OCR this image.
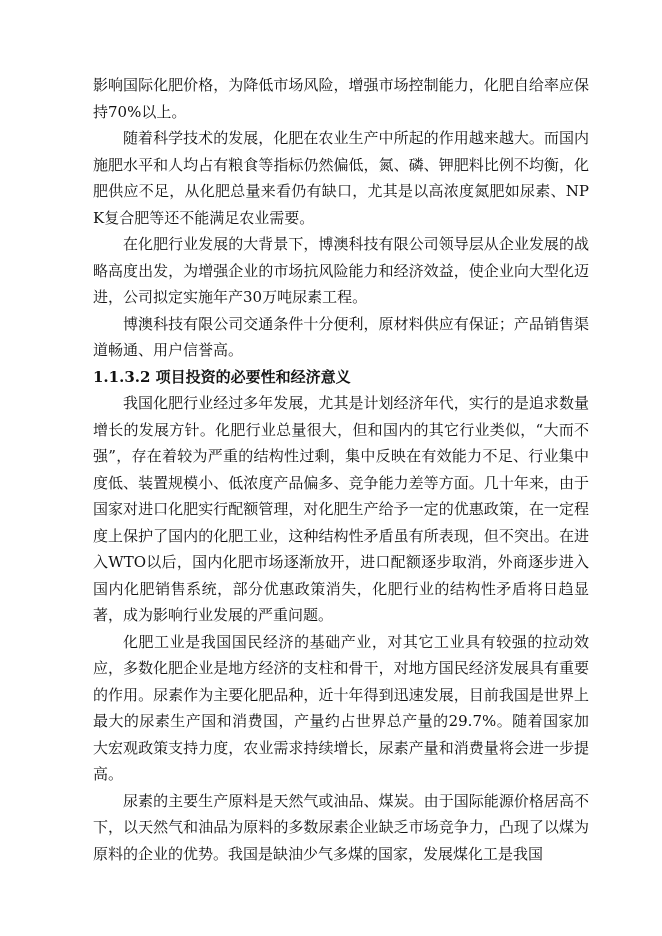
影响国际化肥价格，为降低市场风险，增强市场控制能力，化肥自给率应保持70%以上。

随着科学技术的发展，化肥在农业生产中所起的作用越来越大。而国内施肥水平和人均占有粮食等指标仍然偏低，氮、磷、钾肥料比例不均衡，化肥供应不足，从化肥总量来看仍有缺口，尤其是以高浓度氮肥如尿素、NPK复合肥等还不能满足农业需要。

在化肥行业发展的大背景下，博澳科技有限公司领导层从企业发展的战略高度出发，为增强企业的市场抗风险能力和经济效益，使企业向大型化迈进，公司拟定实施年产30万吨尿素工程。

博澳科技有限公司交通条件十分便利，原材料供应有保证；产品销售渠道畅通、用户信誉高。

1.1.3.2 项目投资的必要性和经济意义

我国化肥行业经过多年发展，尤其是计划经济年代，实行的是追求数量增长的发展方针。化肥行业总量很大，但和国内的其它行业类似，“大而不强”，存在着较为严重的结构性过剩，集中反映在有效能力不足、行业集中度低、装置规模小、低浓度产品偏多、竞争能力差等方面。几十年来，由于国家对进口化肥实行配额管理，对化肥生产给予一定的优惠政策，在一定程度上保护了国内的化肥工业，这种结构性矛盾虽有所表现，但不突出。在进入WTO以后，国内化肥市场逐渐放开，进口配额逐步取消，外商逐步进入国内化肥销售系统，部分优惠政策消失，化肥行业的结构性矛盾将日趋显著，成为影响行业发展的严重问题。

化肥工业是我国国民经济的基础产业，对其它工业具有较强的拉动效应，多数化肥企业是地方经济的支柱和骨干，对地方国民经济发展具有重要的作用。尿素作为主要化肥品种，近十年得到迅速发展，目前我国是世界上最大的尿素生产国和消费国，产量约占世界总产量的29.7%。随着国家加大宏观政策支持力度，农业需求持续增长，尿素产量和消费量将会进一步提高。

尿素的主要生产原料是天然气或油品、煤炭。由于国际能源价格居高不下，以天然气和油品为原料的多数尿素企业缺乏市场竞争力，凸现了以煤为原料的企业的优势。我国是缺油少气多煤的国家，发展煤化工是我国
